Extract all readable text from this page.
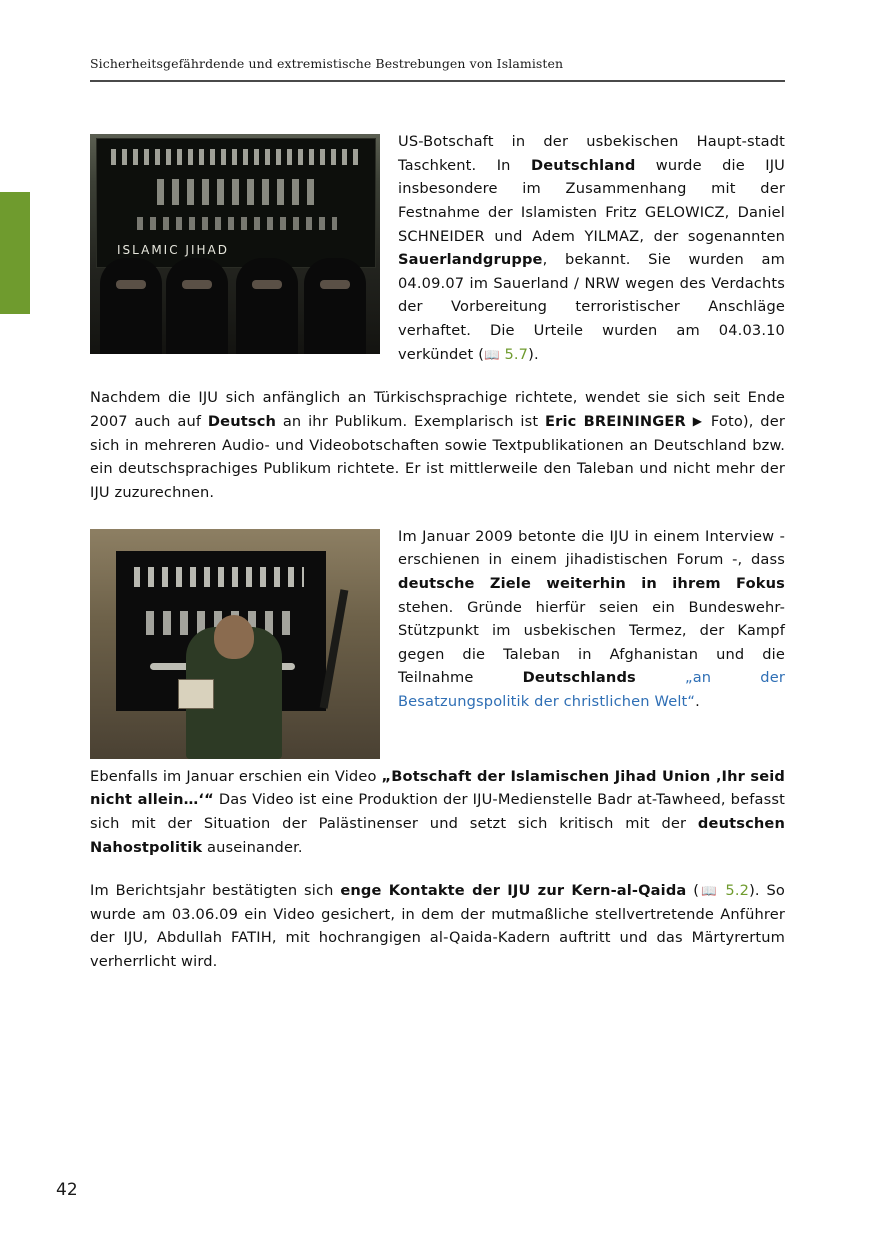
Sicherheitsgefährdende und extremistische Bestrebungen von Islamisten
ISLAMIC JIHAD

US-Botschaft in der usbekischen Haupt-stadt Taschkent. In Deutschland wurde die IJU insbesondere im Zusammenhang mit der Festnahme der Islamisten Fritz GELOWICZ, Daniel SCHNEIDER und Adem YILMAZ, der sogenannten Sauerlandgruppe, bekannt. Sie wurden am 04.09.07 im Sauerland / NRW wegen des Verdachts der Vorbereitung terroristischer Anschläge verhaftet. Die Urteile wurden am 04.03.10 verkündet (📖 5.7).

Nachdem die IJU sich anfänglich an Türkischsprachige richtete, wendet sie sich seit Ende 2007 auch auf Deutsch an ihr Publikum. Exemplarisch ist Eric BREININGER ▶ Foto), der sich in mehreren Audio- und Videobotschaften sowie Textpublikationen an Deutschland bzw. ein deutschsprachiges Publikum richtete. Er ist mittlerweile den Taleban und nicht mehr der IJU zuzurechnen.

Im Januar 2009 betonte die IJU in einem Interview - erschienen in einem jihadistischen Forum -, dass deutsche Ziele weiterhin in ihrem Fokus stehen. Gründe hierfür seien ein Bundeswehr-Stützpunkt im usbekischen Termez, der Kampf gegen die Taleban in Afghanistan und die Teilnahme Deutschlands „an der Besatzungspolitik der christlichen Welt“.

Ebenfalls im Januar erschien ein Video „Botschaft der Islamischen Jihad Union ‚Ihr seid nicht allein…‘“ Das Video ist eine Produktion der IJU-Medienstelle Badr at-Tawheed, befasst sich mit der Situation der Palästinenser und setzt sich kritisch mit der deutschen Nahostpolitik auseinander.

Im Berichtsjahr bestätigten sich enge Kontakte der IJU zur Kern-al-Qaida (📖 5.2). So wurde am 03.06.09 ein Video gesichert, in dem der mutmaßliche stellvertretende Anführer der IJU, Abdullah FATIH, mit hochrangigen al-Qaida-Kadern auftritt und das Märtyrertum verherrlicht wird.

42
